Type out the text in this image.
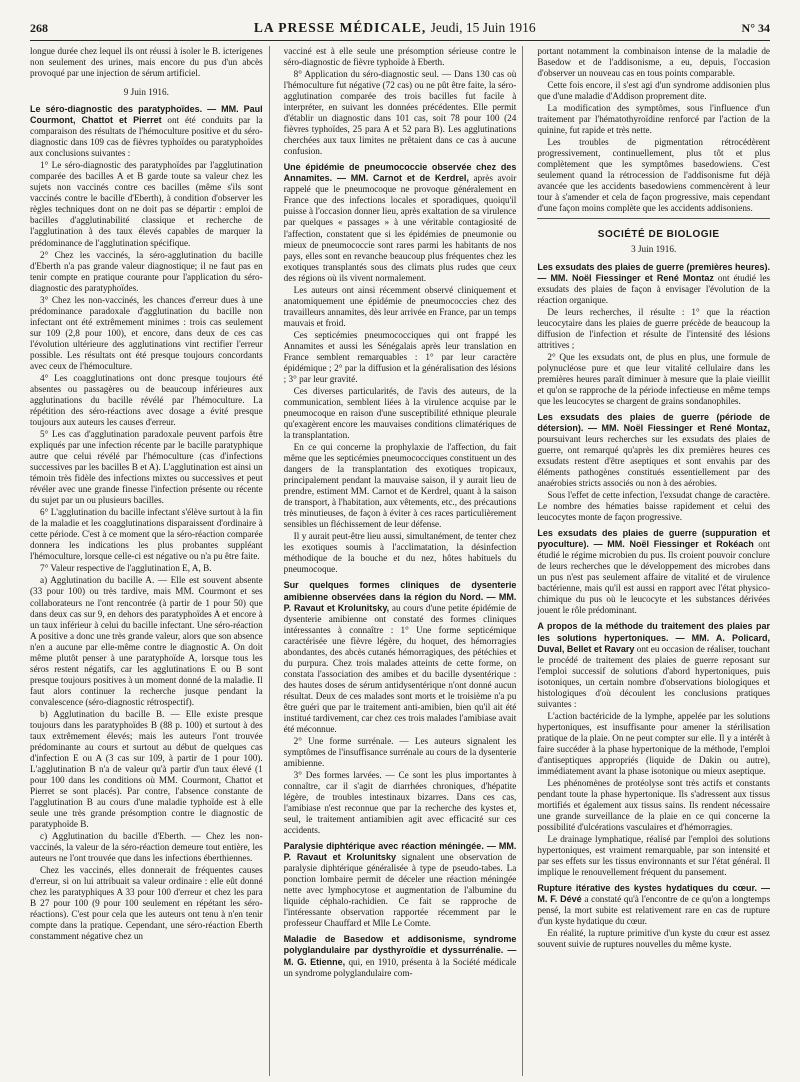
268	LA PRESSE MÉDICALE, Jeudi, 15 Juin 1916	N° 34

longue durée chez lequel ils ont réussi à isoler le B. icterigenes non seulement des urines, mais encore du pus d'un abcès provoqué par une injection de sérum artificiel.

9 Juin 1916.

Le séro-diagnostic des paratyphoïdes. — MM. Paul Courmont, Chattot et Pierret ont été conduits par la comparaison des résultats de l'hémoculture positive et du séro-diagnostic dans 109 cas de fièvres typhoïdes ou paratyphoïdes aux conclusions suivantes :

1° Le séro-diagnostic des paratyphoïdes par l'agglutination comparée des bacilles A et B garde toute sa valeur chez les sujets non vaccinés contre ces bacilles (même s'ils sont vaccinés contre le bacille d'Eberth), à condition d'observer les règles techniques dont on ne doit pas se départir : emploi de bacilles d'agglutinabilité classique et recherche de l'agglutination à des taux élevés capables de marquer la prédominance de l'agglutination spécifique.

2° Chez les vaccinés, la séro-agglutination du bacille d'Eberth n'a pas grande valeur diagnostique; il ne faut pas en tenir compte en pratique courante pour l'application du séro-diagnostic des paratyphoïdes.

3° Chez les non-vaccinés, les chances d'erreur dues à une prédominance paradoxale d'agglutination du bacille non infectant ont été extrêmement minimes : trois cas seulement sur 109 (2,8 pour 100), et encore, dans deux de ces cas l'évolution ultérieure des agglutinations vint rectifier l'erreur possible. Les résultats ont été presque toujours concordants avec ceux de l'hémoculture.

4° Les coagglutinations ont donc presque toujours été absentes ou passagères ou de beaucoup inférieures aux agglutinations du bacille révélé par l'hémoculture. La répétition des séro-réactions avec dosage a évité presque toujours aux auteurs les causes d'erreur.

5° Les cas d'agglutination paradoxale peuvent parfois être expliqués par une infection récente par le bacille paratyphique autre que celui révélé par l'hémoculture (cas d'infections successives par les bacilles B et A). L'agglutination est ainsi un témoin très fidèle des infections mixtes ou successives et peut révéler avec une grande finesse l'infection présente ou récente du sujet par un ou plusieurs bacilles.

6° L'agglutination du bacille infectant s'élève surtout à la fin de la maladie et les coagglutinations disparaissent d'ordinaire à cette période. C'est à ce moment que la séro-réaction comparée donnera les indications les plus probantes suppléant l'hémoculture, lorsque celle-ci est négative ou n'a pu être faite.

7° Valeur respective de l'agglutination E, A, B.

a) Agglutination du bacille A. — Elle est souvent absente (33 pour 100) ou très tardive, mais MM. Courmont et ses collaborateurs ne l'ont rencontrée (à partir de 1 pour 50) que dans deux cas sur 9, en dehors des paratyphoïdes A et encore à un taux inférieur à celui du bacille infectant. Une séro-réaction A positive a donc une très grande valeur, alors que son absence n'en a aucune par elle-même contre le diagnostic A. On doit même plutôt penser à une paratyphoïde A, lorsque tous les séros restent négatifs, car les agglutinations E ou B sont presque toujours positives à un moment donné de la maladie. Il faut alors continuer la recherche jusque pendant la convalescence (séro-diagnostic rétrospectif).

b) Agglutination du bacille B. — Elle existe presque toujours dans les paratyphoïdes B (88 p. 100) et surtout à des taux extrêmement élevés; mais les auteurs l'ont trouvée prédominante au cours et surtout au début de quelques cas d'infection E ou A (3 cas sur 109, à partir de 1 pour 100). L'agglutination B n'a de valeur qu'à partir d'un taux élevé (1 pour 100 dans les conditions où MM. Courmont, Chattot et Pierret se sont placés). Par contre, l'absence constante de l'agglutination B au cours d'une maladie typhoïde est à elle seule une très grande présomption contre le diagnostic de paratyphoïde B.

c) Agglutination du bacille d'Eberth. — Chez les non-vaccinés, la valeur de la séro-réaction demeure tout entière, les auteurs ne l'ont trouvée que dans les infections éberthiennes.

Chez les vaccinés, elles donnerait de fréquentes causes d'erreur, si on lui attribuait sa valeur ordinaire : elle eût donné chez les paratyphiques A 33 pour 100 d'erreur et chez les para B 27 pour 100 (9 pour 100 seulement en répétant les séro-réactions). C'est pour cela que les auteurs ont tenu à n'en tenir compte dans la pratique. Cependant, une séro-réaction Eberth constamment négative chez un

vacciné est à elle seule une présomption sérieuse contre le séro-diagnostic de fièvre typhoïde à Eberth.

8° Application du séro-diagnostic seul. — Dans 130 cas où l'hémoculture fut négative (72 cas) ou ne pût être faite, la séro-agglutination comparée des trois bacilles fut facile à interpréter, en suivant les données précédentes. Elle permit d'établir un diagnostic dans 101 cas, soit 78 pour 100 (24 fièvres typhoïdes, 25 para A et 52 para B). Les agglutinations cherchées aux taux limites ne prêtaient dans ce cas à aucune confusion.

Une épidémie de pneumococcie observée chez des Annamites. — MM. Carnot et de Kerdrel, après avoir rappelé que le pneumocoque ne provoque généralement en France que des infections locales et sporadiques, quoiqu'il puisse à l'occasion donner lieu, après exaltation de sa virulence par quelques « passages » à une véritable contagiosité de l'affection, constatent que si les épidémies de pneumonie ou mieux de pneumococcie sont rares parmi les habitants de nos pays, elles sont en revanche beaucoup plus fréquentes chez les exotiques transplantés sous des climats plus rudes que ceux des régions où ils vivent normalement.

Les auteurs ont ainsi récemment observé cliniquement et anatomiquement une épidémie de pneumococcies chez des travailleurs annamites, dès leur arrivée en France, par un temps mauvais et froid.

Ces septicémies pneumococciques qui ont frappé les Annamites et aussi les Sénégalais après leur translation en France semblent remarquables : 1° par leur caractère épidémique ; 2° par la diffusion et la généralisation des lésions ; 3° par leur gravité.

Ces diverses particularités, de l'avis des auteurs, de la communication, semblent liées à la virulence acquise par le pneumocoque en raison d'une susceptibilité ethnique pleurale qu'exagèrent encore les mauvaises conditions climatériques de la transplantation.

En ce qui concerne la prophylaxie de l'affection, du fait même que les septicémies pneumococciques constituent un des dangers de la transplantation des exotiques tropicaux, principalement pendant la mauvaise saison, il y aurait lieu de prendre, estiment MM. Carnot et de Kerdrel, quant à la saison de transport, à l'habitation, aux vêtements, etc., des précautions très minutieuses, de façon à éviter à ces races particulièrement sensibles un fléchissement de leur défense.

Il y aurait peut-être lieu aussi, simultanément, de tenter chez les exotiques soumis à l'acclimatation, la désinfection méthodique de la bouche et du nez, hôtes habituels du pneumocoque.

Sur quelques formes cliniques de dysenterie amibienne observées dans la région du Nord. — MM. P. Ravaut et Krolunitsky, au cours d'une petite épidémie de dysenterie amibienne ont constaté des formes cliniques intéressantes à connaître : 1° Une forme septicémique caractérisée une fièvre légère, du hoquet, des hémorragies abondantes, des abcès cutanés hémorragiques, des pétéchies et du purpura. Chez trois malades atteints de cette forme, on constata l'association des amibes et du bacille dysentérique : des hautes doses de sérum antidysentérique n'ont donné aucun résultat. Deux de ces malades sont morts et le troisième n'a pu être guéri que par le traitement anti-amibien, bien qu'il ait été institué tardivement, car chez ces trois malades l'amibiase avait été méconnue.

2° Une forme surrénale. — Les auteurs signalent les symptômes de l'insuffisance surrénale au cours de la dysenterie amibienne.

3° Des formes larvées. — Ce sont les plus importantes à connaître, car il s'agit de diarrhées chroniques, d'hépatite légère, de troubles intestinaux bizarres. Dans ces cas, l'amibiase n'est reconnue que par la recherche des kystes et, seul, le traitement antiamibien agit avec efficacité sur ces accidents.

Paralysie diphtérique avec réaction méningée. — MM. P. Ravaut et Krolunitsky signalent une observation de paralysie diphtérique généralisée à type de pseudo-tabes. La ponction lombaire permit de déceler une réaction méningée nette avec lymphocytose et augmentation de l'albumine du liquide céphalo-rachidien. Ce fait se rapproche de l'intéressante observation rapportée récemment par le professeur Chauffard et Mlle Le Comte.

Maladie de Basedow et addisonisme, syndrome polyglandulaire par dysthyroïdie et dyssurrénalie. — M. G. Etienne, qui, en 1910, présenta à la Société médicale un syndrome polyglandulaire com-

portant notamment la combinaison intense de la maladie de Basedow et de l'addisonisme, a eu, depuis, l'occasion d'observer un nouveau cas en tous points comparable.

Cette fois encore, il s'est agi d'un syndrome addisonien plus que d'une maladie d'Addison proprement dite.

La modification des symptômes, sous l'influence d'un traitement par l'hématothyroïdine renforcé par l'action de la quinine, fut rapide et très nette.

Les troubles de pigmentation rétrocédèrent progressivement, continuellement, plus tôt et plus complètement que les symptômes basedowiens. C'est seulement quand la rétrocession de l'addisonisme fut déjà avancée que les accidents basedowiens commencèrent à leur tour à s'amender et cela de façon progressive, mais cependant d'une façon moins complète que les accidents addisoniens.

SOCIÉTÉ DE BIOLOGIE

3 Juin 1916.

Les exsudats des plaies de guerre (premières heures). — MM. Noël Fiessinger et René Montaz ont étudié les exsudats des plaies de façon à envisager l'évolution de la réaction organique.

De leurs recherches, il résulte : 1° que la réaction leucocytaire dans les plaies de guerre précède de beaucoup la diffusion de l'infection et résulte de l'intensité des lésions attritives ;

2° Que les exsudats ont, de plus en plus, une formule de polynucléose pure et que leur vitalité cellulaire dans les premières heures paraît diminuer à mesure que la plaie vieillit et qu'on se rapproche de la période infectieuse en même temps que les leucocytes se chargent de grains sondanophiles.

Les exsudats des plaies de guerre (période de détersion). — MM. Noël Fiessinger et René Montaz, poursuivant leurs recherches sur les exsudats des plaies de guerre, ont remarqué qu'après les dix premières heures ces exsudats restent d'être aseptiques et sont envahis par des éléments pathogènes constitués essentiellement par des anaérobies stricts associés ou non à des aérobies.

Sous l'effet de cette infection, l'exsudat change de caractère. Le nombre des hématies baisse rapidement et celui des leucocytes monte de façon progressive.

Les exsudats des plaies de guerre (suppuration et pyoculture). — MM. Noël Fiessinger et Rokéach ont étudié le régime microbien du pus. Ils croient pouvoir conclure de leurs recherches que le développement des microbes dans un pus n'est pas seulement affaire de vitalité et de virulence bactérienne, mais qu'il est aussi en rapport avec l'état physico-chimique du pus où le leucocyte et les substances dérivées jouent le rôle prédominant.

A propos de la méthode du traitement des plaies par les solutions hypertoniques. — MM. A. Policard, Duval, Bellet et Ravary ont eu occasion de réaliser, touchant le procédé de traitement des plaies de guerre reposant sur l'emploi successif de solutions d'abord hypertoniques, puis isotoniques, un certain nombre d'observations biologiques et histologiques d'où découlent les conclusions pratiques suivantes :

L'action bactéricide de la lymphe, appelée par les solutions hypertoniques, est insuffisante pour amener la stérilisation pratique de la plaie. On ne peut compter sur elle. Il y a intérêt à faire succéder à la phase hypertonique de la méthode, l'emploi d'antiseptiques appropriés (liquide de Dakin ou autre), immédiatement avant la phase isotonique ou mieux aseptique.

Les phénomènes de protéolyse sont très actifs et constants pendant toute la phase hypertonique. Ils s'adressent aux tissus mortifiés et également aux tissus sains. Ils rendent nécessaire une grande surveillance de la plaie en ce qui concerne la possibilité d'ulcérations vasculaires et d'hémorragies.

Le drainage lymphatique, réalisé par l'emploi des solutions hypertoniques, est vraiment remarquable, par son intensité et par ses effets sur les tissus environnants et sur l'état général. Il implique le renouvellement fréquent du pansement.

Rupture itérative des kystes hydatiques du cœur. — M. F. Dévé a constaté qu'à l'encontre de ce qu'on a longtemps pensé, la mort subite est relativement rare en cas de rupture d'un kyste hydatique du cœur.

En réalité, la rupture primitive d'un kyste du cœur est assez souvent suivie de ruptures nouvelles du même kyste.
